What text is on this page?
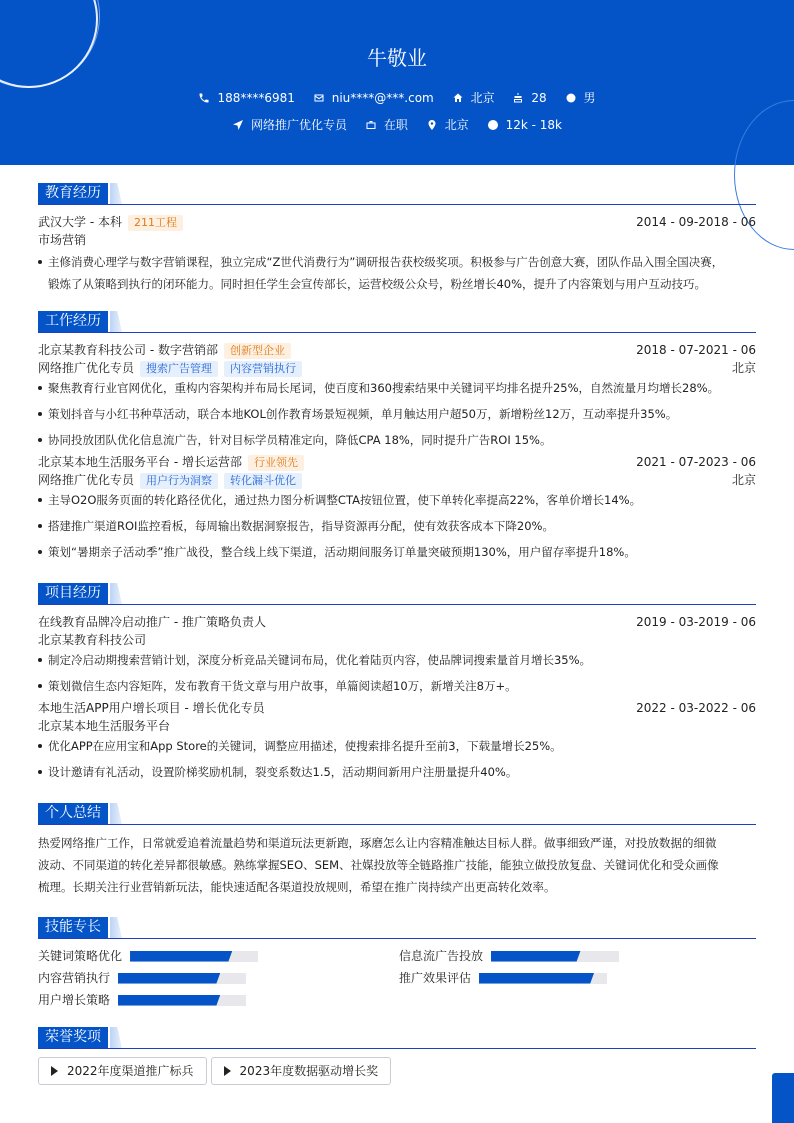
牛敬业
188****6981
	niu****@***.com
	北京
	28
	男
网络推广优化专员
	在职
	北京
	12k - 18k
教育经历
武汉大学 - 本科 211工程	2014 - 09-2018 - 06
市场营销
主修消费心理学与数字营销课程，独立完成“Z世代消费行为”调研报告获校级奖项。积极参与广告创意大赛，团队作品入围全国决赛，
锻炼了从策略到执行的闭环能力。同时担任学生会宣传部长，运营校级公众号，粉丝增长40%，提升了内容策划与用户互动技巧。
工作经历
北京某教育科技公司 - 数字营销部 创新型企业	2018 - 07-2021 - 06
网络推广优化专员 搜索广告管理 内容营销执行	北京
聚焦教育行业官网优化，重构内容架构并布局长尾词，使百度和360搜索结果中关键词平均排名提升25%，自然流量月均增长28%。
策划抖音与小红书种草活动，联合本地KOL创作教育场景短视频，单月触达用户超50万，新增粉丝12万，互动率提升35%。
协同投放团队优化信息流广告，针对目标学员精准定向，降低CPA 18%，同时提升广告ROI 15%。
北京某本地生活服务平台 - 增长运营部 行业领先	2021 - 07-2023 - 06
网络推广优化专员 用户行为洞察 转化漏斗优化	北京
主导O2O服务页面的转化路径优化，通过热力图分析调整CTA按钮位置，使下单转化率提高22%，客单价增长14%。
搭建推广渠道ROI监控看板，每周输出数据洞察报告，指导资源再分配，使有效获客成本下降20%。
策划“暑期亲子活动季”推广战役，整合线上线下渠道，活动期间服务订单量突破预期130%，用户留存率提升18%。
项目经历
在线教育品牌冷启动推广 - 推广策略负责人	2019 - 03-2019 - 06
北京某教育科技公司
制定冷启动期搜索营销计划，深度分析竞品关键词布局，优化着陆页内容，使品牌词搜索量首月增长35%。
策划微信生态内容矩阵，发布教育干货文章与用户故事，单篇阅读超10万，新增关注8万+。
本地生活APP用户增长项目 - 增长优化专员	2022 - 03-2022 - 06
北京某本地生活服务平台
优化APP在应用宝和App Store的关键词，调整应用描述，使搜索排名提升至前3，下载量增长25%。
设计邀请有礼活动，设置阶梯奖励机制，裂变系数达1.5，活动期间新用户注册量提升40%。
个人总结
热爱网络推广工作，日常就爱追着流量趋势和渠道玩法更新跑，琢磨怎么让内容精准触达目标人群。做事细致严谨，对投放数据的细微
波动、不同渠道的转化差异都很敏感。熟练掌握SEO、SEM、社媒投放等全链路推广技能，能独立做投放复盘、关键词优化和受众画像
梳理。长期关注行业营销新玩法，能快速适配各渠道投放规则，希望在推广岗持续产出更高转化效率。
技能专长
关键词策略优化	信息流广告投放
内容营销执行	推广效果评估
用户增长策略
荣誉奖项
2022年度渠道推广标兵	2023年度数据驱动增长奖
